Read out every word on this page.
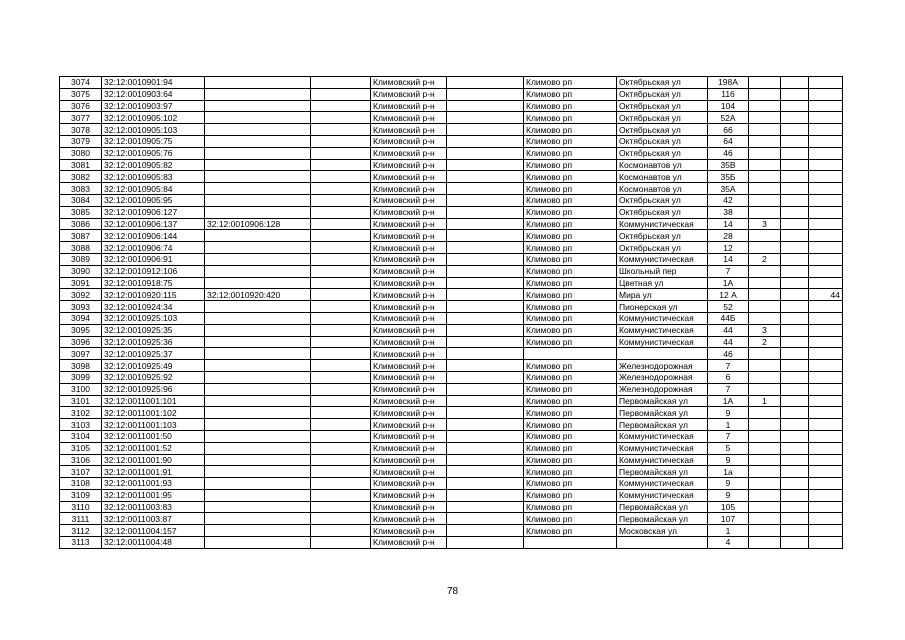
3074	32:12:0010901:94			Климовский р-н		Климово рп	Октябрьская ул	198А			
3075	32:12:0010903:64			Климовский р-н		Климово рп	Октябрьская ул	116			
3076	32:12:0010903:97			Климовский р-н		Климово рп	Октябрьская ул	104			
3077	32:12:0010905:102			Климовский р-н		Климово рп	Октябрьская ул	52А			
3078	32:12:0010905:103			Климовский р-н		Климово рп	Октябрьская ул	66			
3079	32:12:0010905:75			Климовский р-н		Климово рп	Октябрьская ул	64			
3080	32:12:0010905:76			Климовский р-н		Климово рп	Октябрьская ул	46			
3081	32:12:0010905:82			Климовский р-н		Климово рп	Космонавтов ул	35В			
3082	32:12:0010905:83			Климовский р-н		Климово рп	Космонавтов ул	35Б			
3083	32:12:0010905:84			Климовский р-н		Климово рп	Космонавтов ул	35А			
3084	32:12:0010905:95			Климовский р-н		Климово рп	Октябрьская ул	42			
3085	32:12:0010906:127			Климовский р-н		Климово рп	Октябрьская ул	38			
3086	32:12:0010906:137	32:12:0010906:128		Климовский р-н		Климово рп	Коммунистическая	14	3		
3087	32:12:0010906:144			Климовский р-н		Климово рп	Октябрьская ул	28			
3088	32:12:0010906:74			Климовский р-н		Климово рп	Октябрьская ул	12			
3089	32:12:0010906:91			Климовский р-н		Климово рп	Коммунистическая	14	2		
3090	32:12:0010912:106			Климовский р-н		Климово рп	Школьный пер	7			
3091	32:12:0010918:75			Климовский р-н		Климово рп	Цветная ул	1А			
3092	32:12:0010920:115	32:12:0010920:420		Климовский р-н		Климово рп	Мира ул	12 А			44
3093	32:12:0010924:34			Климовский р-н		Климово рп	Пионерская ул	52			
3094	32:12:0010925:103			Климовский р-н		Климово рп	Коммунистическая	44Б			
3095	32:12:0010925:35			Климовский р-н		Климово рп	Коммунистическая	44	3		
3096	32:12:0010925:36			Климовский р-н		Климово рп	Коммунистическая	44	2		
3097	32:12:0010925:37			Климовский р-н				46			
3098	32:12:0010925:49			Климовский р-н		Климово рп	Железнодорожная	7			
3099	32:12:0010925:92			Климовский р-н		Климово рп	Железнодорожная	6			
3100	32:12:0010925:96			Климовский р-н		Климово рп	Железнодорожная	7			
3101	32:12:0011001:101			Климовский р-н		Климово рп	Первомайская ул	1А	1		
3102	32:12:0011001:102			Климовский р-н		Климово рп	Первомайская ул	9			
3103	32:12:0011001:103			Климовский р-н		Климово рп	Первомайская ул	1			
3104	32:12:0011001:50			Климовский р-н		Климово рп	Коммунистическая	7			
3105	32:12:0011001:52			Климовский р-н		Климово рп	Коммунистическая	5			
3106	32:12:0011001:90			Климовский р-н		Климово рп	Коммунистическая	9			
3107	32:12:0011001:91			Климовский р-н		Климово рп	Первомайская ул	1а			
3108	32:12:0011001:93			Климовский р-н		Климово рп	Коммунистическая	9			
3109	32:12:0011001:95			Климовский р-н		Климово рп	Коммунистическая	9			
3110	32:12:0011003:83			Климовский р-н		Климово рп	Первомайская ул	105			
3111	32:12:0011003:87			Климовский р-н		Климово рп	Первомайская ул	107			
3112	32:12:0011004:157			Климовский р-н		Климово рп	Московская ул	1			
3113	32:12:0011004:48			Климовский р-н				4			
78
